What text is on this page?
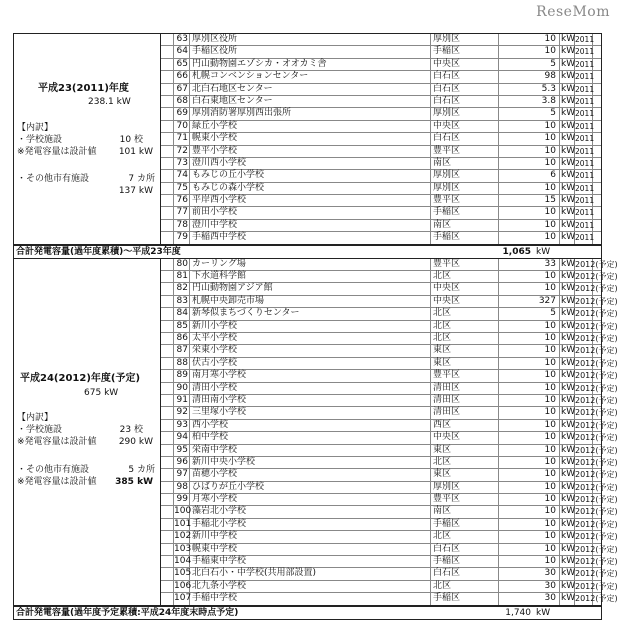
ReseMom
平成23(2011)年度
238.1 kW
【内訳】
・学校施設	10 校
※発電容量は設計値 101 kW
・その他市有施設	7 カ所
137 kW
63 厚別区役所	厚別区	10 kW 2011
64 手稲区役所	手稲区	10 kW 2011
65 円山動物園エゾシカ・オオカミ舎	中央区	5 kW 2011
66 札幌コンベンションセンター	白石区	98 kW 2011
67 北白石地区センター	白石区	5.3 kW 2011
68 白石東地区センター	白石区	3.8 kW 2011
69 厚別消防署厚別西出張所	厚別区	5 kW 2011
70 緑丘小学校	中央区	10 kW 2011
71 幌東小学校	白石区	10 kW 2011
72 豊平小学校	豊平区	10 kW 2011
73 澄川西小学校	南区	10 kW 2011
74 もみじの丘小学校	厚別区	6 kW 2011
75 もみじの森小学校	厚別区	10 kW 2011
76 平岸西小学校	豊平区	15 kW 2011
77 前田小学校	手稲区	10 kW 2011
78 澄川中学校	南区	10 kW 2011
79 手稲西中学校	手稲区	10 kW 2011
合計発電容量(過年度累積)〜平成23年度	1,065 kW
平成24(2012)年度(予定)
675 kW
【内訳】
・学校施設	23 校
※発電容量は設計値 290 kW
・その他市有施設	5 カ所
※発電容量は設計値 385 kW
80 カーリング場	豊平区	33 kW 2012(予定)
81 下水道科学館	北区	10 kW 2012(予定)
82 円山動物園アジア館	中央区	10 kW 2012(予定)
83 札幌中央卸売市場	中央区	327 kW 2012(予定)
84 新琴似まちづくりセンター	北区	5 kW 2012(予定)
85 新川小学校	北区	10 kW 2012(予定)
86 太平小学校	北区	10 kW 2012(予定)
87 栄東小学校	東区	10 kW 2012(予定)
88 伏古小学校	東区	10 kW 2012(予定)
89 南月寒小学校	豊平区	10 kW 2012(予定)
90 清田小学校	清田区	10 kW 2012(予定)
91 清田南小学校	清田区	10 kW 2012(予定)
92 三里塚小学校	清田区	10 kW 2012(予定)
93 西小学校	西区	10 kW 2012(予定)
94 柏中学校	中央区	10 kW 2012(予定)
95 栄南中学校	東区	10 kW 2012(予定)
96 新川中央小学校	北区	10 kW 2012(予定)
97 苗穂小学校	東区	10 kW 2012(予定)
98 ひばりが丘小学校	厚別区	10 kW 2012(予定)
99 月寒小学校	豊平区	10 kW 2012(予定)
100 藻岩北小学校	南区	10 kW 2012(予定)
101 手稲北小学校	手稲区	10 kW 2012(予定)
102 新川中学校	北区	10 kW 2012(予定)
103 幌東中学校	白石区	10 kW 2012(予定)
104 手稲東中学校	手稲区	10 kW 2012(予定)
105 北白石小・中学校(共用部設置)	白石区	30 kW 2012(予定)
106 北九条小学校	北区	30 kW 2012(予定)
107 手稲中学校	手稲区	30 kW 2012(予定)
合計発電容量(過年度予定累積:平成24年度末時点予定)	1,740 kW
